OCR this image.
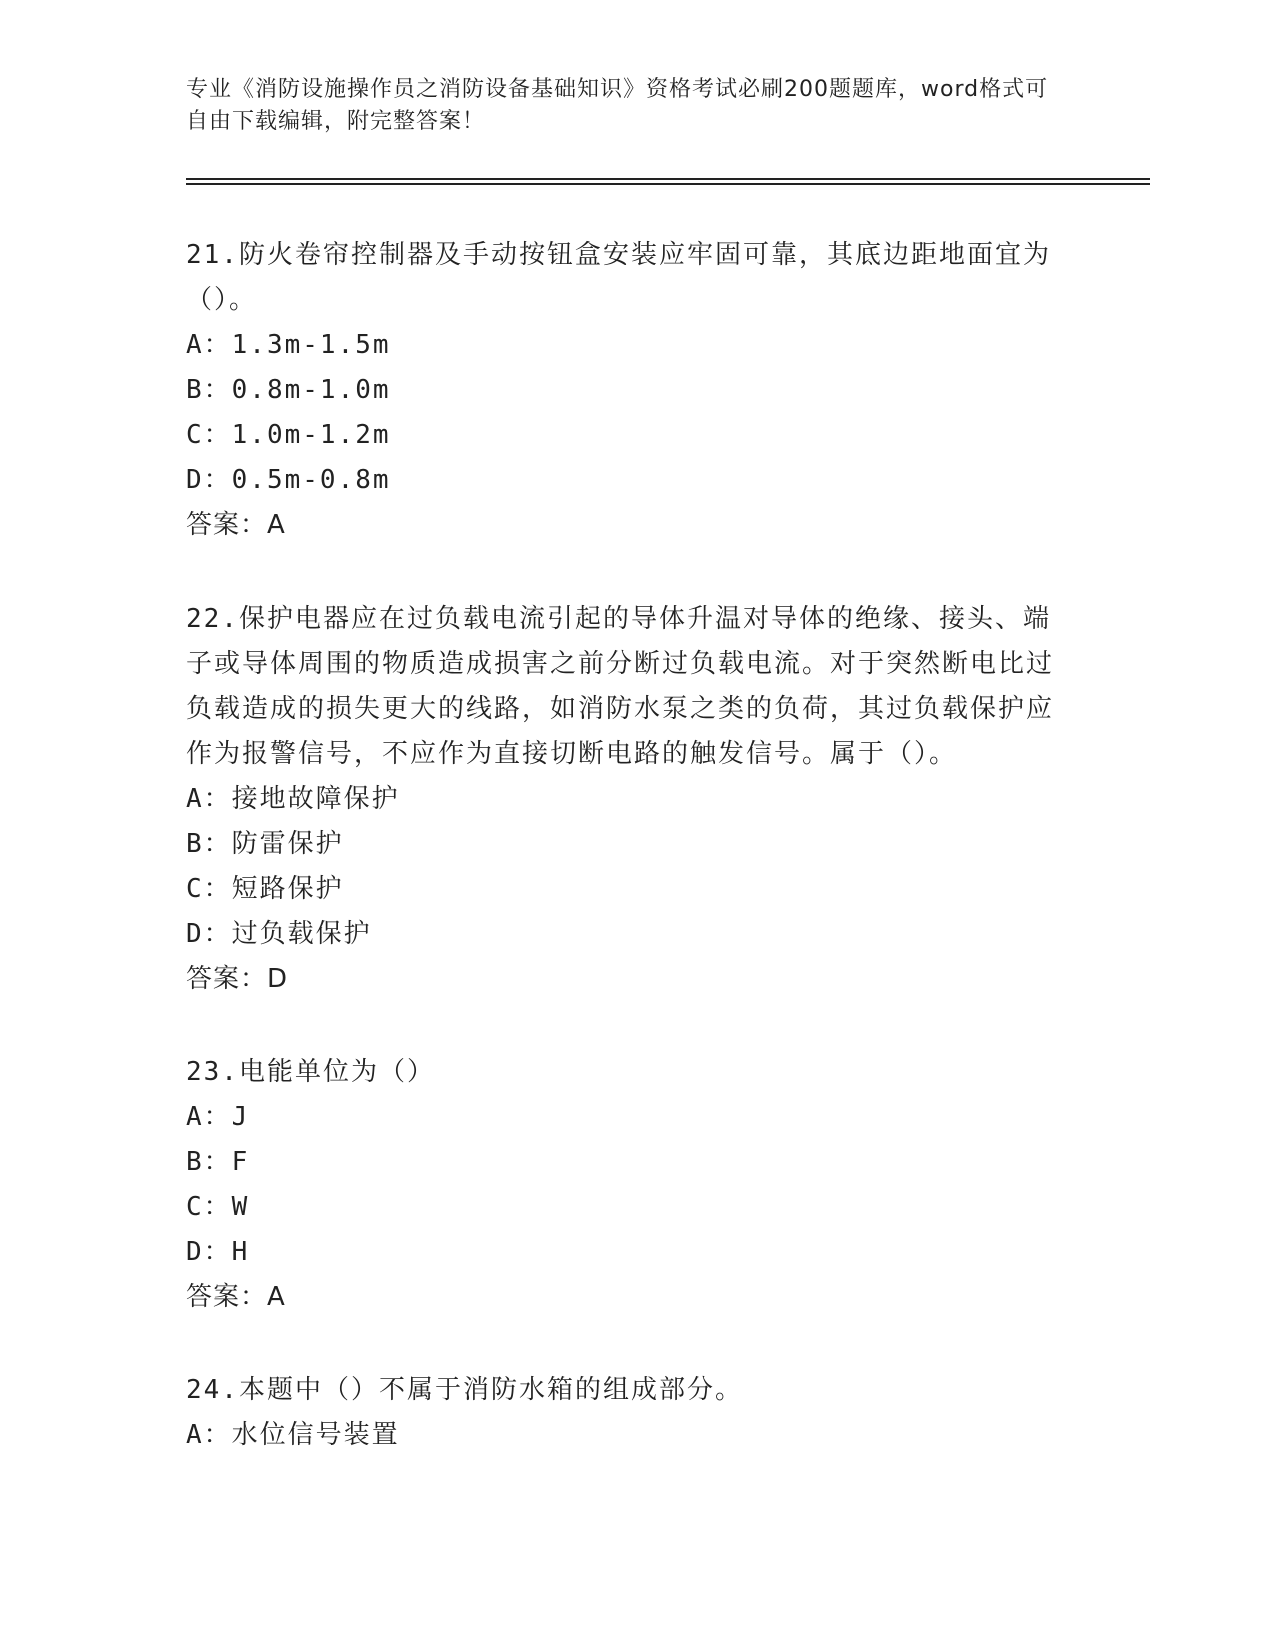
专业《消防设施操作员之消防设备基础知识》资格考试必刷200题题库，word格式可自由下载编辑，附完整答案！

21.防火卷帘控制器及手动按钮盒安装应牢固可靠，其底边距地面宜为（）。

A：1.3m-1.5m

B：0.8m-1.0m

C：1.0m-1.2m

D：0.5m-0.8m

答案：A

22.保护电器应在过负载电流引起的导体升温对导体的绝缘、接头、端子或导体周围的物质造成损害之前分断过负载电流。对于突然断电比过负载造成的损失更大的线路，如消防水泵之类的负荷，其过负载保护应作为报警信号，不应作为直接切断电路的触发信号。属于（）。

A：接地故障保护

B：防雷保护

C：短路保护

D：过负载保护

答案：D

23.电能单位为（）

A：J

B：F

C：W

D：H

答案：A

24.本题中（）不属于消防水箱的组成部分。

A：水位信号装置
